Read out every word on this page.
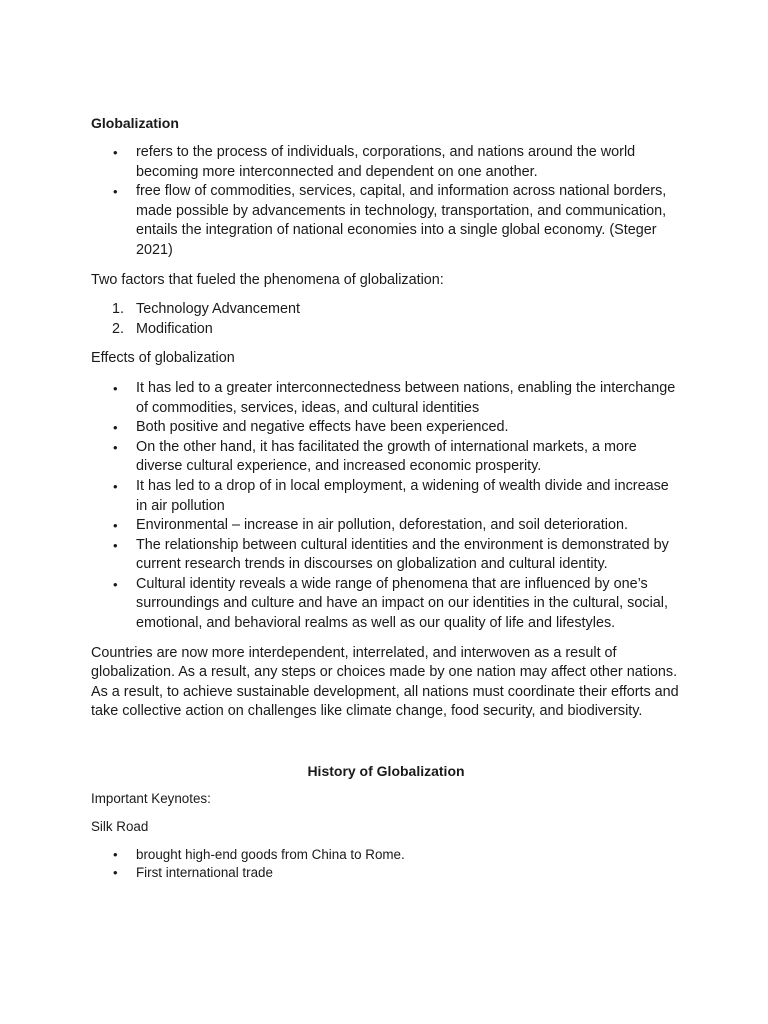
Globalization
• refers to the process of individuals, corporations, and nations around the world becoming more interconnected and dependent on one another.
• free flow of commodities, services, capital, and information across national borders, made possible by advancements in technology, transportation, and communication, entails the integration of national economies into a single global economy. (Steger 2021)

Two factors that fueled the phenomena of globalization:

1. Technology Advancement
2. Modification

Effects of globalization

• It has led to a greater interconnectedness between nations, enabling the interchange of commodities, services, ideas, and cultural identities
• Both positive and negative effects have been experienced.
• On the other hand, it has facilitated the growth of international markets, a more diverse cultural experience, and increased economic prosperity.
• It has led to a drop of in local employment, a widening of wealth divide and increase in air pollution
• Environmental – increase in air pollution, deforestation, and soil deterioration.
• The relationship between cultural identities and the environment is demonstrated by current research trends in discourses on globalization and cultural identity.
• Cultural identity reveals a wide range of phenomena that are influenced by one’s surroundings and culture and have an impact on our identities in the cultural, social, emotional, and behavioral realms as well as our quality of life and lifestyles.

Countries are now more interdependent, interrelated, and interwoven as a result of globalization. As a result, any steps or choices made by one nation may affect other nations. As a result, to achieve sustainable development, all nations must coordinate their efforts and take collective action on challenges like climate change, food security, and biodiversity.

History of Globalization

Important Keynotes:

Silk Road

• brought high-end goods from China to Rome.
• First international trade
